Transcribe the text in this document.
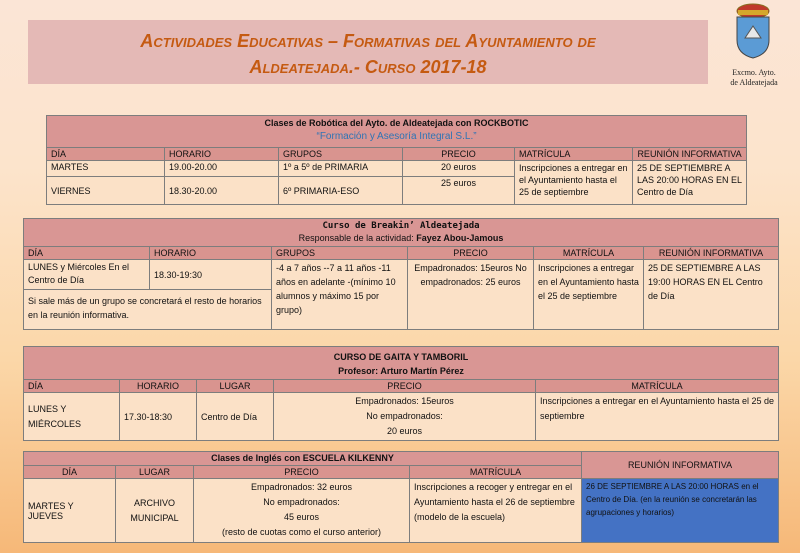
Actividades Educativas – Formativas del Ayuntamiento de
Aldeatejada.- Curso 2017-18	Excmo. Ayto.
de Aldeatejada
Clases de Robótica del Ayto. de Aldeatejada con ROCKBOTIC
“Formación y Asesoría Integral S.L.”					

DÍA	HORARIO	GRUPOS	PRECIO	MATRÍCULA	REUNIÓN INFORMATIVA
MARTES	19.00-20.00	1º a 5º de PRIMARIA	20 euros	Inscripciones a entregar en el Ayuntamiento hasta el 25 de septiembre	25 DE SEPTIEMBRE A LAS 20:00 HORAS EN EL Centro de Día
VIERNES	18.30-20.00	6º PRIMARIA-ESO	25 euros		
Curso de Breakin’ Aldeatejada
Responsable de la actividad: Fayez Abou-Jamous					

DÍA	HORARIO	GRUPOS	PRECIO	MATRÍCULA	REUNIÓN INFORMATIVA
LUNES y Miércoles En el Centro de Día	18.30-19:30	-4 a 7 años --7 a 11 años -11 años en adelante -(mínimo 10 alumnos y máximo 15 por grupo)	Empadronados: 15euros No empadronados: 25 euros	Inscripciones a entregar en el Ayuntamiento hasta el 25 de septiembre	25 DE SEPTIEMBRE A LAS 19:00 HORAS EN EL Centro de Día
Si sale más de un grupo se concretará el resto de horarios en la reunión informativa.					
CURSO DE GAITA Y TAMBORIL
Profesor: Arturo Martín Pérez				

DÍA	HORARIO	LUGAR	PRECIO	MATRÍCULA
LUNES Y MIÉRCOLES	17.30-18:30	Centro de Día	Empadronados: 15euros
No empadronados:
20 euros	Inscripciones a entregar en el Ayuntamiento hasta el 25 de septiembre
Clases de Inglés con ESCUELA KILKENNY				REUNIÓN INFORMATIVA
DÍA	LUGAR	PRECIO	MATRÍCULA	
MARTES Y JUEVES	ARCHIVO MUNICIPAL	Empadronados: 32 euros
No empadronados:
45 euros
(resto de cuotas como el curso anterior)	Inscripciones a recoger y entregar en el Ayuntamiento hasta el 26 de septiembre (modelo de la escuela)	26 DE SEPTIEMBRE A LAS 20:00 HORAS en el Centro de Día. (en la reunión se concretarán las agrupaciones y horarios)
